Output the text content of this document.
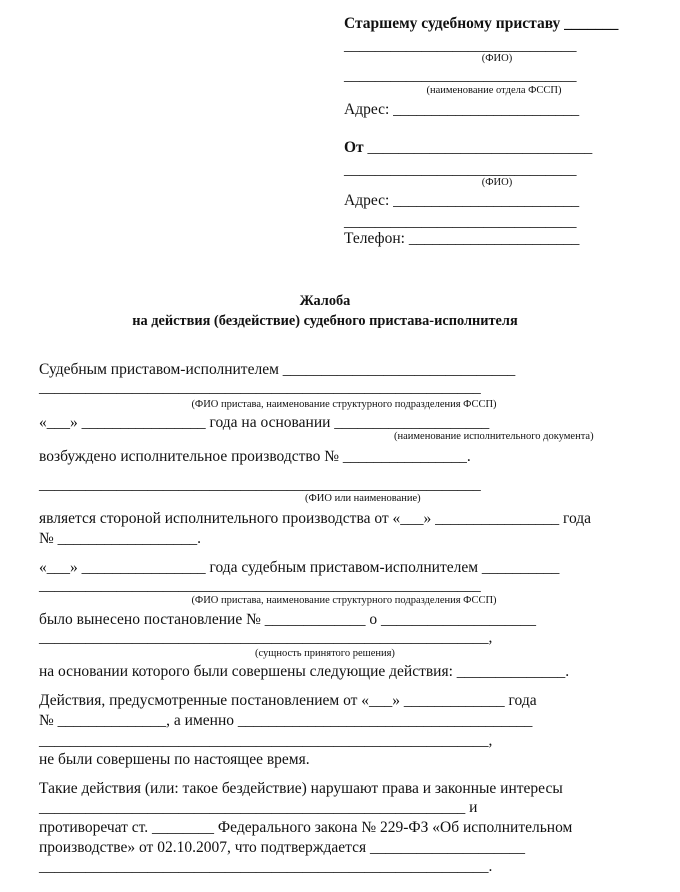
Старшему судебному приставу _______
______________________________
(ФИО)
______________________________
(наименование отдела ФССП)
Адрес: ________________________
От _____________________________
______________________________
(ФИО)
Адрес: ________________________
______________________________
Телефон: ______________________
Жалоба
на действия (бездействие) судебного пристава-исполнителя
Судебным приставом-исполнителем ______________________________
_________________________________________________________
(ФИО пристава, наименование структурного подразделения ФССП)
«___» ________________ года на основании ____________________
(наименование исполнительного документа)
возбуждено исполнительное производство № ________________.
_________________________________________________________
(ФИО или наименование)
является стороной исполнительного производства от «___» ________________ года
№ __________________.
«___» ________________ года судебным приставом-исполнителем __________
_________________________________________________________
(ФИО пристава, наименование структурного подразделения ФССП)
было вынесено постановление № _____________ о ____________________
__________________________________________________________,
(сущность принятого решения)
на основании которого были совершены следующие действия: ______________.
Действия, предусмотренные постановлением от «___» _____________ года
№ ______________, а именно ______________________________________
__________________________________________________________,
не были совершены по настоящее время.
Такие действия (или: такое бездействие) нарушают права и законные интересы
_______________________________________________________ и
противоречат ст. ________ Федерального закона № 229-ФЗ «Об исполнительном
производстве» от 02.10.2007, что подтверждается ____________________
__________________________________________________________.
